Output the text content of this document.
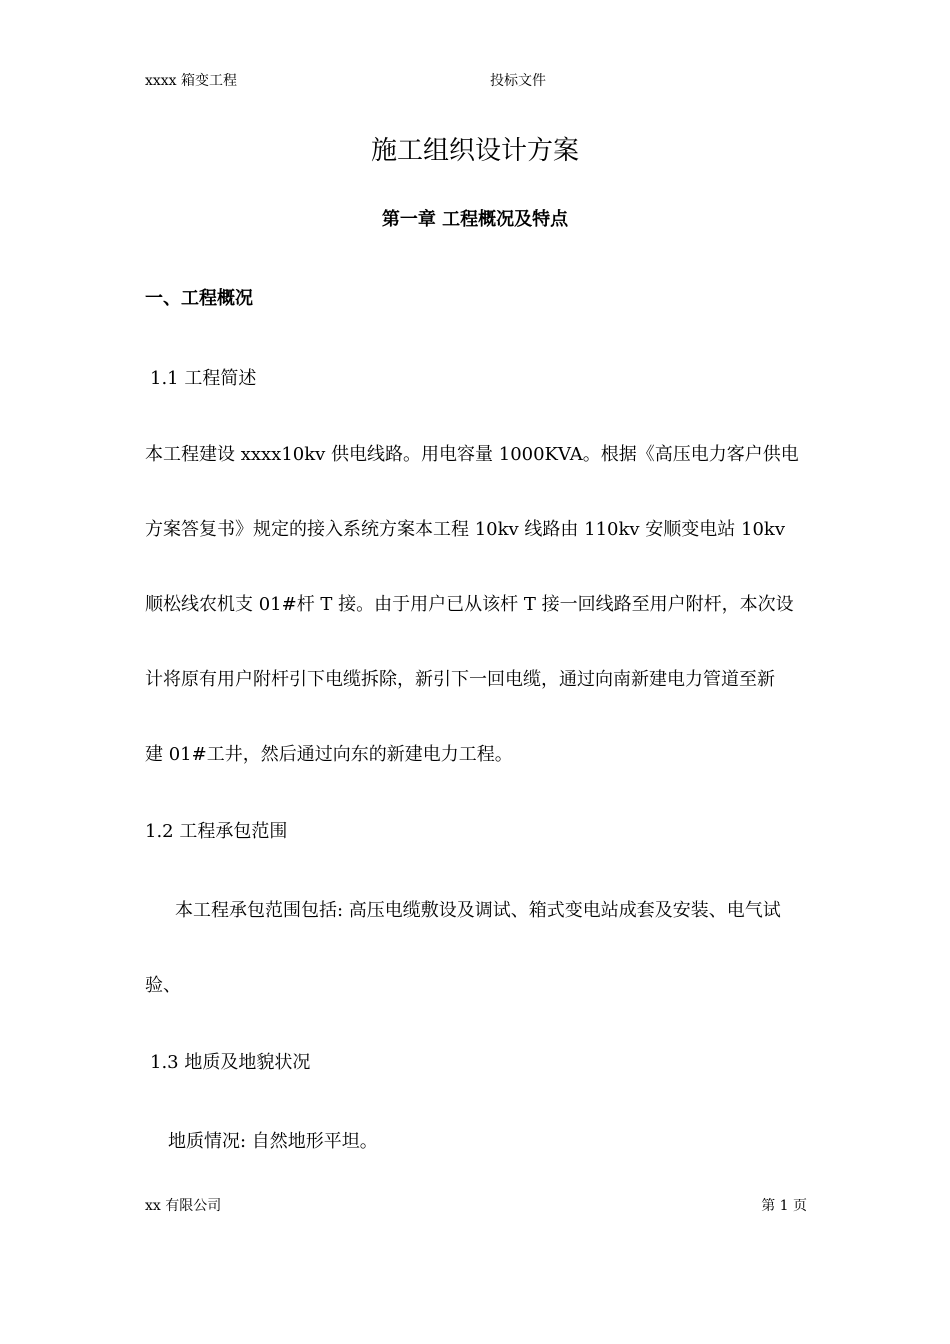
xxxx 箱变工程	投标文件
施工组织设计方案
第一章 工程概况及特点
一、工程概况
1.1 工程简述
本工程建设 xxxx10kv 供电线路。用电容量 1000KVA。根据《高压电力客户供电
方案答复书》规定的接入系统方案本工程 10kv 线路由 110kv 安顺变电站 10kv
顺松线农机支 01#杆 T 接。由于用户已从该杆 T 接一回线路至用户附杆，本次设
计将原有用户附杆引下电缆拆除，新引下一回电缆，通过向南新建电力管道至新
建 01#工井，然后通过向东的新建电力工程。
1.2 工程承包范围
本工程承包范围包括: 高压电缆敷设及调试、箱式变电站成套及安装、电气试
验、
1.3 地质及地貌状况
地质情况: 自然地形平坦。
xx 有限公司	第 1 页
